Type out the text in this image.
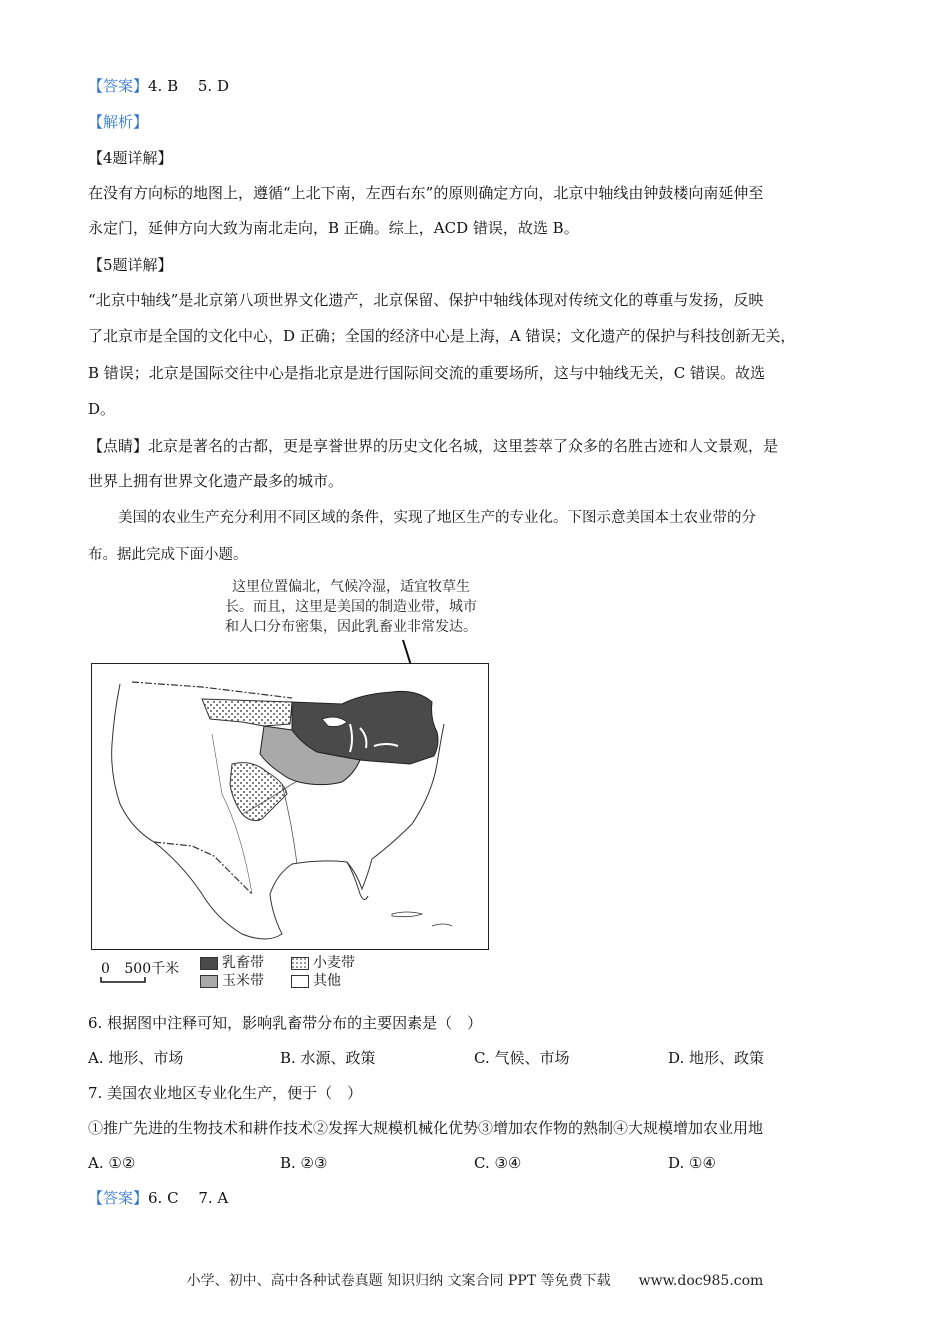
【答案】4. B　 5. D
【解析】
【4题详解】
在没有方向标的地图上，遵循“上北下南，左西右东”的原则确定方向，北京中轴线由钟鼓楼向南延伸至
永定门，延伸方向大致为南北走向，B 正确。综上，ACD 错误，故选 B。
【5题详解】
“北京中轴线”是北京第八项世界文化遗产，北京保留、保护中轴线体现对传统文化的尊重与发扬，反映
了北京市是全国的文化中心，D 正确；全国的经济中心是上海，A 错误；文化遗产的保护与科技创新无关，
B 错误；北京是国际交往中心是指北京是进行国际间交流的重要场所，这与中轴线无关，C 错误。故选
D。
【点睛】北京是著名的古都，更是享誉世界的历史文化名城，这里荟萃了众多的名胜古迹和人文景观，是
世界上拥有世界文化遗产最多的城市。
美国的农业生产充分利用不同区域的条件，实现了地区生产的专业化。下图示意美国本土农业带的分
布。据此完成下面小题。
这里位置偏北，气候冷湿，适宜牧草生
长。而且，这里是美国的制造业带，城市
和人口分布密集，因此乳畜业非常发达。
0 500千米	乳畜带	小麦带
玉米带	其他
6. 根据图中注释可知，影响乳畜带分布的主要因素是（　）
A. 地形、市场	B. 水源、政策	C. 气候、市场	D. 地形、政策
7. 美国农业地区专业化生产，便于（　）
①推广先进的生物技术和耕作技术②发挥大规模机械化优势③增加农作物的熟制④大规模增加农业用地
A. ①②	B. ②③	C. ③④	D. ①④
【答案】6. C　 7. A
小学、初中、高中各种试卷真题 知识归纳 文案合同 PPT 等免费下载　　www.doc985.com
